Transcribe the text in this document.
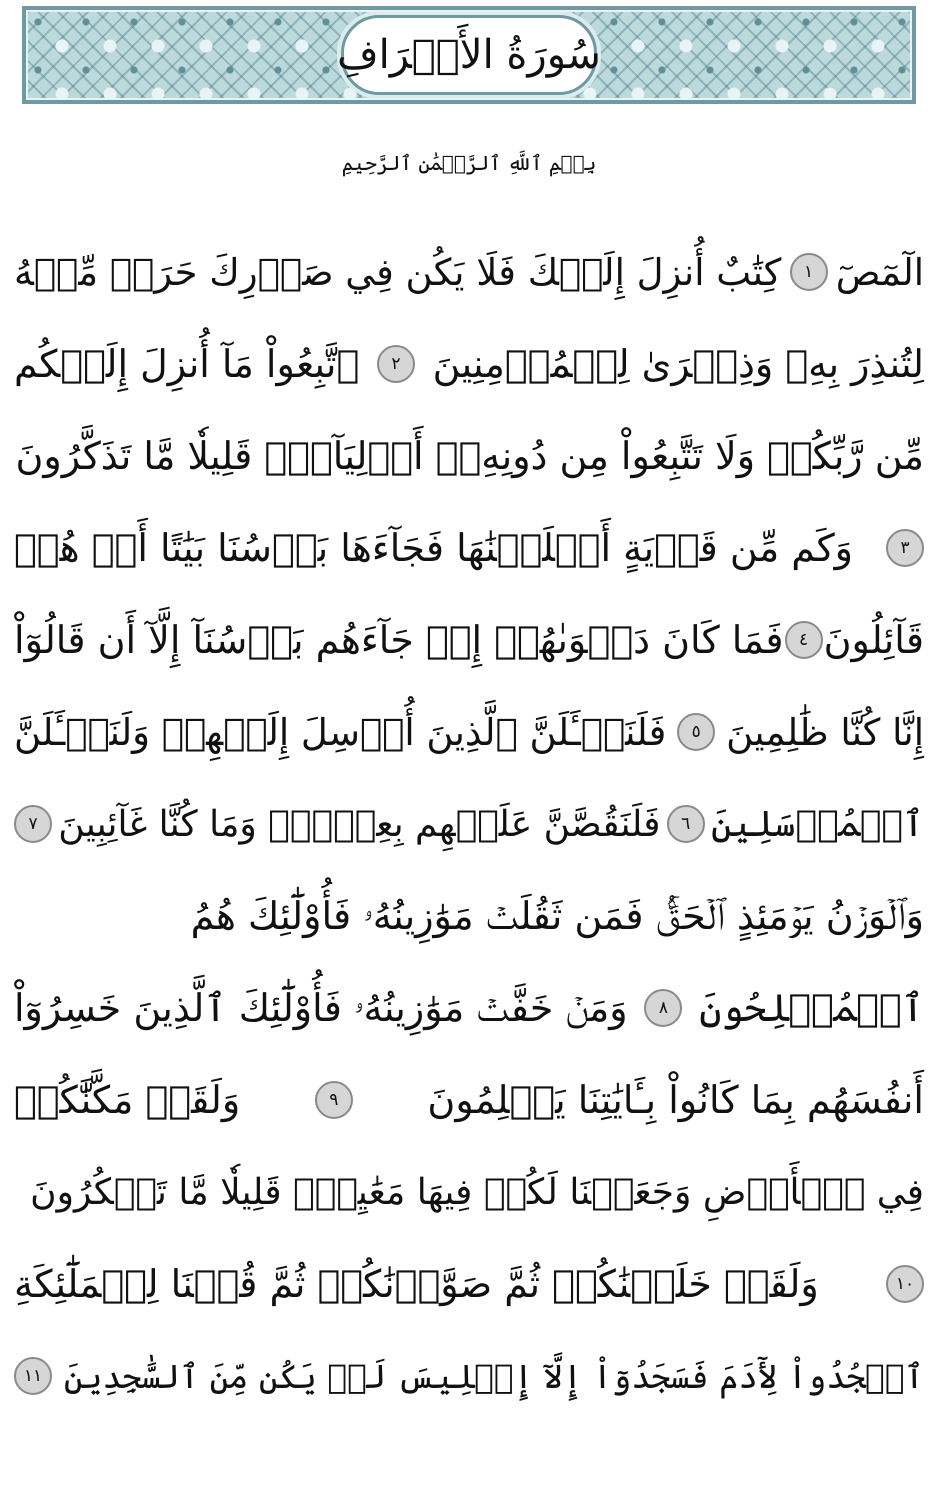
سُورَةُ الأَعۡرَافِ
بِسۡمِ ٱللَّهِ ٱلرَّحۡمَٰنِ ٱلرَّحِيمِ
الٓمٓصٓ
١
كِتَٰبٌ أُنزِلَ إِلَيۡكَ فَلَا يَكُن فِي صَدۡرِكَ حَرَجٞ مِّنۡهُ
لِتُنذِرَ بِهِۦ وَذِكۡرَىٰ لِلۡمُؤۡمِنِينَ
٢
ٱتَّبِعُواْ مَآ أُنزِلَ إِلَيۡكُم
مِّن رَّبِّكُمۡ وَلَا تَتَّبِعُواْ مِن دُونِهِۦٓ أَوۡلِيَآءَۗ قَلِيلٗا مَّا تَذَكَّرُونَ
٣
وَكَم مِّن قَرۡيَةٍ أَهۡلَكۡنَٰهَا فَجَآءَهَا بَأۡسُنَا بَيَٰتًا أَوۡ هُمۡ
قَآئِلُونَ
٤
فَمَا كَانَ دَعۡوَىٰهُمۡ إِذۡ جَآءَهُم بَأۡسُنَآ إِلَّآ أَن قَالُوٓاْ
إِنَّا كُنَّا ظَٰلِمِينَ
٥
فَلَنَسۡـَٔلَنَّ ٱلَّذِينَ أُرۡسِلَ إِلَيۡهِمۡ وَلَنَسۡـَٔلَنَّ
ٱلۡمُرۡسَلِينَ
٦
فَلَنَقُصَّنَّ عَلَيۡهِم بِعِلۡمٖۖ وَمَا كُنَّا غَآئِبِينَ
٧
وَٱلۡوَزۡنُ يَوۡمَئِذٍ ٱلۡحَقُّۚ فَمَن ثَقُلَتۡ مَوَٰزِينُهُۥ فَأُوْلَٰٓئِكَ هُمُ
ٱلۡمُفۡلِحُونَ
٨
وَمَنۡ خَفَّتۡ مَوَٰزِينُهُۥ فَأُوْلَٰٓئِكَ ٱلَّذِينَ خَسِرُوٓاْ
أَنفُسَهُم بِمَا كَانُواْ بِـَٔايَٰتِنَا يَظۡلِمُونَ
٩
وَلَقَدۡ مَكَّنَّٰكُمۡ
فِي ٱلۡأَرۡضِ وَجَعَلۡنَا لَكُمۡ فِيهَا مَعَٰيِشَۗ قَلِيلٗا مَّا تَشۡكُرُونَ
١٠
وَلَقَدۡ خَلَقۡنَٰكُمۡ ثُمَّ صَوَّرۡنَٰكُمۡ ثُمَّ قُلۡنَا لِلۡمَلَٰٓئِكَةِ
ٱسۡجُدُواْ لِأٓدَمَ فَسَجَدُوٓاْ إِلَّآ إِبۡلِيسَ لَمۡ يَكُن مِّنَ ٱلسَّٰجِدِينَ
١١
